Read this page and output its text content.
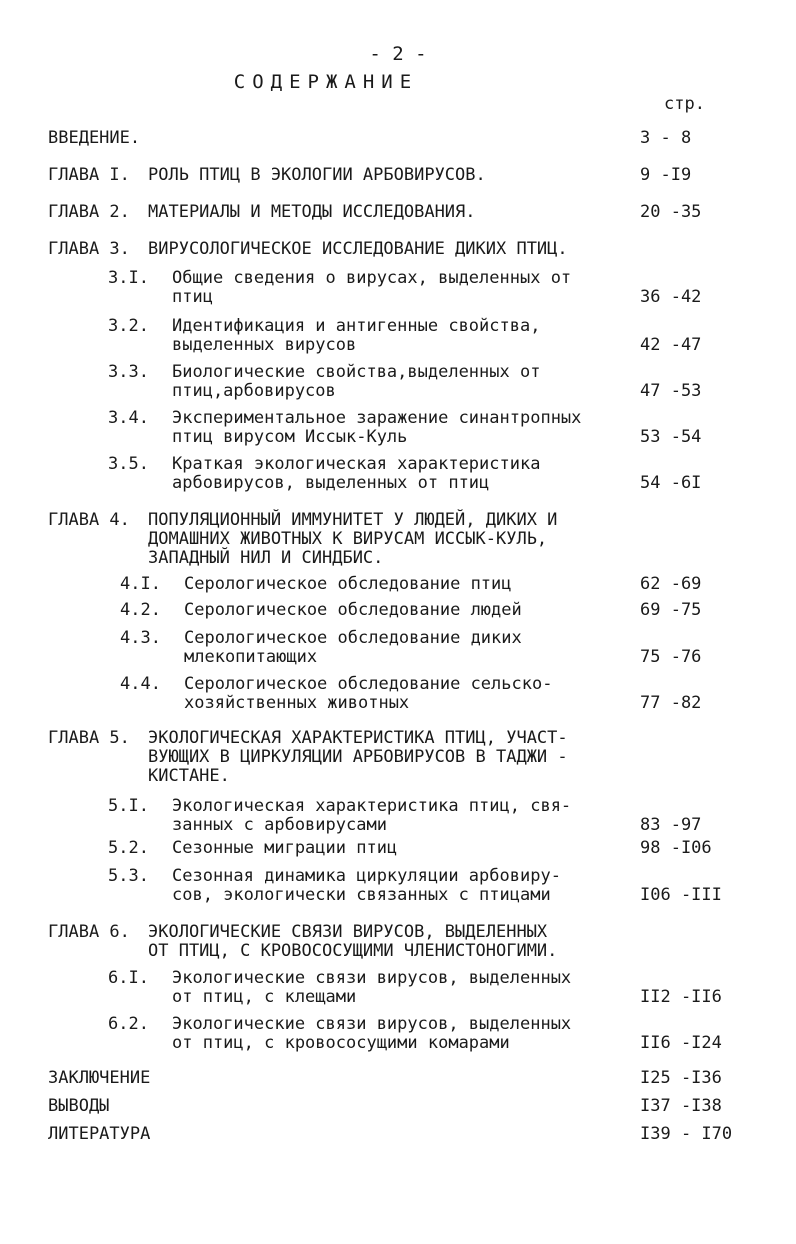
- 2 -
СОДЕРЖАНИЕ
стр.
ВВЕДЕНИЕ.	3 - 8
ГЛАВА I. РОЛЬ ПТИЦ В ЭКОЛОГИИ АРБОВИРУСОВ.	9 -I9
ГЛАВА 2. МАТЕРИАЛЫ И МЕТОДЫ ИССЛЕДОВАНИЯ.	20 -35
ГЛАВА 3. ВИРУСОЛОГИЧЕСКОЕ ИССЛЕДОВАНИЕ ДИКИХ ПТИЦ.
3.I. Общие сведения о вирусах, выделенных от
птиц	36 -42
3.2. Идентификация и антигенные свойства,
выделенных вирусов	42 -47
3.3. Биологические свойства,выделенных от
птиц,арбовирусов	47 -53
3.4. Экспериментальное заражение синантропных
птиц вирусом Иссык-Куль	53 -54
3.5. Краткая экологическая характеристика
арбовирусов, выделенных от птиц	54 -6I
ГЛАВА 4. ПОПУЛЯЦИОННЫЙ ИММУНИТЕТ У ЛЮДЕЙ, ДИКИХ И
ДОМАШНИХ ЖИВОТНЫХ К ВИРУСАМ ИССЫК-КУЛЬ,
ЗАПАДНЫЙ НИЛ И СИНДБИС.
4.I. Серологическое обследование птиц	62 -69
4.2. Серологическое обследование людей	69 -75
4.3. Серологическое обследование диких
млекопитающих	75 -76
4.4. Серологическое обследование сельско-
хозяйственных животных	77 -82
ГЛАВА 5. ЭКОЛОГИЧЕСКАЯ ХАРАКТЕРИСТИКА ПТИЦ, УЧАСТ-
ВУЮЩИХ В ЦИРКУЛЯЦИИ АРБОВИРУСОВ В ТАДЖИ -
КИСТАНЕ.
5.I. Экологическая характеристика птиц, свя-
занных с арбовирусами	83 -97
5.2. Сезонные миграции птиц	98 -I06
5.3. Сезонная динамика циркуляции арбовиру-
сов, экологически связанных с птицами	I06 -III
ГЛАВА 6. ЭКОЛОГИЧЕСКИЕ СВЯЗИ ВИРУСОВ, ВЫДЕЛЕННЫХ
ОТ ПТИЦ, С КРОВОСОСУЩИМИ ЧЛЕНИСТОНОГИМИ.
6.I. Экологические связи вирусов, выделенных
от птиц, с клещами	II2 -II6
6.2. Экологические связи вирусов, выделенных
от птиц, с кровососущими комарами	II6 -I24
ЗАКЛЮЧЕНИЕ	I25 -I36
ВЫВОДЫ	I37 -I38
ЛИТЕРАТУРА	I39 - I70
